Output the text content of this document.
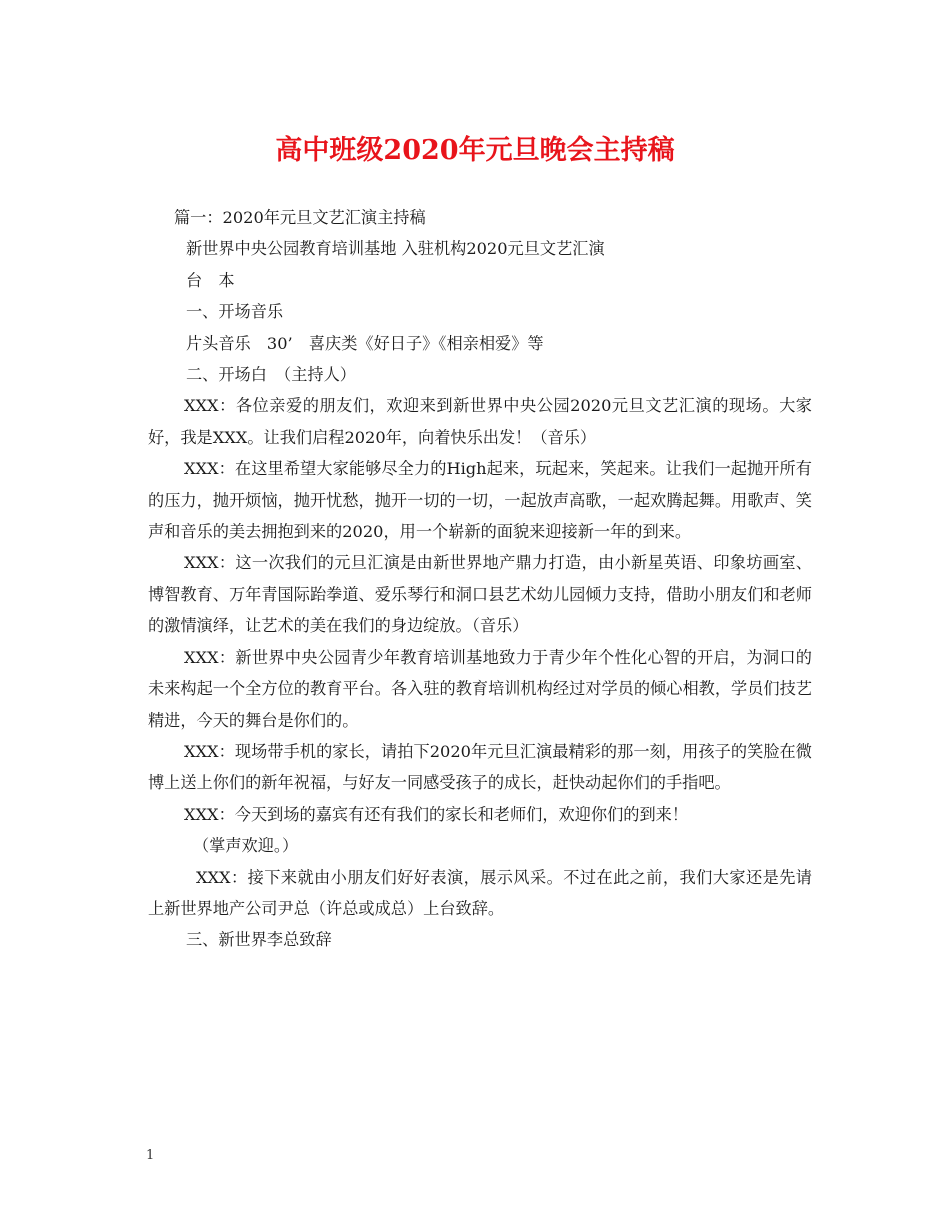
高中班级2020年元旦晚会主持稿
篇一：2020年元旦文艺汇演主持稿
新世界中央公园教育培训基地 入驻机构2020元旦文艺汇演
台　本
一、开场音乐
片头音乐　30’　喜庆类《好日子》《相亲相爱》等
二、开场白　（主持人）
XXX：各位亲爱的朋友们，欢迎来到新世界中央公园2020元旦文艺汇演的现场。大家好，我是XXX。让我们启程2020年，向着快乐出发！（音乐）
XXX：在这里希望大家能够尽全力的High起来，玩起来，笑起来。让我们一起抛开所有的压力，抛开烦恼，抛开忧愁，抛开一切的一切，一起放声高歌，一起欢腾起舞。用歌声、笑声和音乐的美去拥抱到来的2020，用一个崭新的面貌来迎接新一年的到来。
XXX：这一次我们的元旦汇演是由新世界地产鼎力打造，由小新星英语、印象坊画室、博智教育、万年青国际跆拳道、爱乐琴行和洞口县艺术幼儿园倾力支持，借助小朋友们和老师的激情演绎，让艺术的美在我们的身边绽放。（音乐）
XXX：新世界中央公园青少年教育培训基地致力于青少年个性化心智的开启，为洞口的未来构起一个全方位的教育平台。各入驻的教育培训机构经过对学员的倾心相教，学员们技艺精进，今天的舞台是你们的。
XXX：现场带手机的家长，请拍下2020年元旦汇演最精彩的那一刻，用孩子的笑脸在微博上送上你们的新年祝福，与好友一同感受孩子的成长，赶快动起你们的手指吧。
XXX：今天到场的嘉宾有还有我们的家长和老师们，欢迎你们的到来！
（掌声欢迎。）
XXX：接下来就由小朋友们好好表演，展示风采。不过在此之前，我们大家还是先请上新世界地产公司尹总（许总或成总）上台致辞。
三、新世界李总致辞
1
